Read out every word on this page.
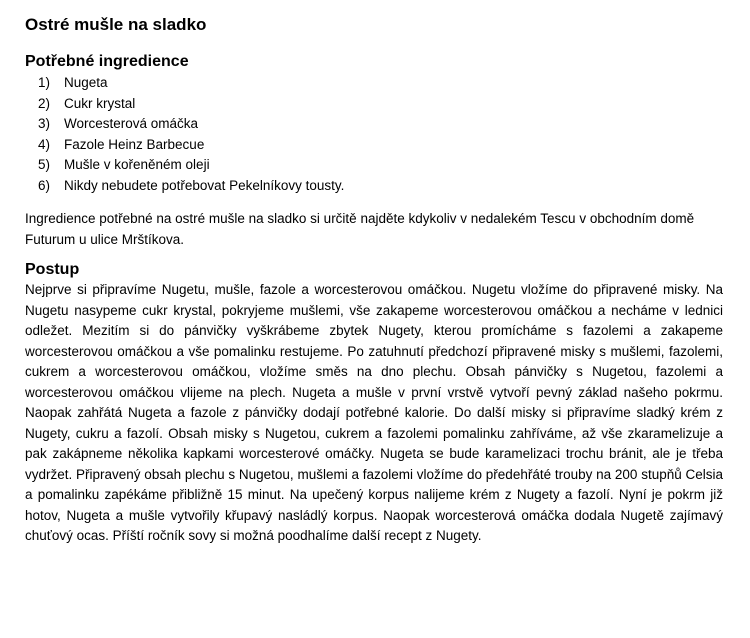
Ostré mušle na sladko
Potřebné ingredience
1)	Nugeta
2)	Cukr krystal
3)	Worcesterová omáčka
4)	Fazole Heinz Barbecue
5)	Mušle v kořeněném oleji
6)	Nikdy nebudete potřebovat Pekelníkovy tousty.

Ingredience potřebné na ostré mušle na sladko si určitě najděte kdykoliv v nedalekém Tescu v obchodním domě Futurum u ulice Mrštíkova.

Postup

Nejprve si připravíme Nugetu, mušle, fazole a worcesterovou omáčkou. Nugetu vložíme do připravené misky. Na Nugetu nasypeme cukr krystal, pokryjeme mušlemi, vše zakapeme worcesterovou omáčkou a necháme v lednici odležet. Mezitím si do pánvičky vyškrábeme zbytek Nugety, kterou promícháme s fazolemi a zakapeme worcesterovou omáčkou a vše pomalinku restujeme. Po zatuhnutí předchozí připravené misky s mušlemi, fazolemi, cukrem a worcesterovou omáčkou, vložíme směs na dno plechu. Obsah pánvičky s Nugetou, fazolemi a worcesterovou omáčkou vlijeme na plech. Nugeta a mušle v první vrstvě vytvoří pevný základ našeho pokrmu. Naopak zahřátá Nugeta a fazole z pánvičky dodají potřebné kalorie. Do další misky si připravíme sladký krém z Nugety, cukru a fazolí. Obsah misky s Nugetou, cukrem a fazolemi pomalinku zahříváme, až vše zkaramelizuje a pak zakápneme několika kapkami worcesterové omáčky. Nugeta se bude karamelizaci trochu bránit, ale je třeba vydržet. Připravený obsah plechu s Nugetou, mušlemi a fazolemi vložíme do předehřáté trouby na 200 stupňů Celsia a pomalinku zapékáme přibližně 15 minut. Na upečený korpus nalijeme krém z Nugety a fazolí. Nyní je pokrm již hotov, Nugeta a mušle vytvořily křupavý nasládlý korpus. Naopak worcesterová omáčka dodala Nugetě zajímavý chuťový ocas. Příští ročník sovy si možná poodhalíme další recept z Nugety.
